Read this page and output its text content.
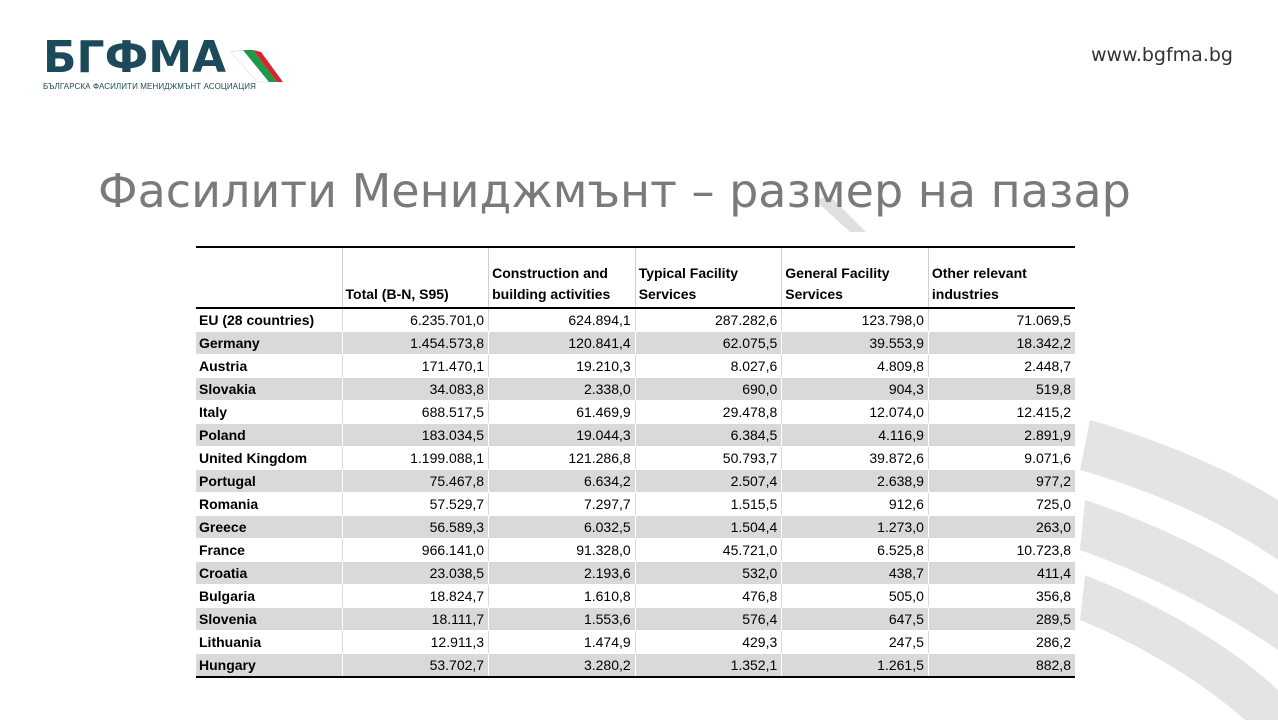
БГФМА
БЪЛГАРСКА ФАСИЛИТИ МЕНИДЖМЪНТ АСОЦИАЦИЯ
www.bgfma.bg
Фасилити Мениджмънт – размер на пазар
	Total (B-N, S95)	Construction and building activities	Typical Facility Services	General Facility Services	Other relevant industries
EU (28 countries)	6.235.701,0	624.894,1	287.282,6	123.798,0	71.069,5
Germany	1.454.573,8	120.841,4	62.075,5	39.553,9	18.342,2
Austria	171.470,1	19.210,3	8.027,6	4.809,8	2.448,7
Slovakia	34.083,8	2.338,0	690,0	904,3	519,8
Italy	688.517,5	61.469,9	29.478,8	12.074,0	12.415,2
Poland	183.034,5	19.044,3	6.384,5	4.116,9	2.891,9
United Kingdom	1.199.088,1	121.286,8	50.793,7	39.872,6	9.071,6
Portugal	75.467,8	6.634,2	2.507,4	2.638,9	977,2
Romania	57.529,7	7.297,7	1.515,5	912,6	725,0
Greece	56.589,3	6.032,5	1.504,4	1.273,0	263,0
France	966.141,0	91.328,0	45.721,0	6.525,8	10.723,8
Croatia	23.038,5	2.193,6	532,0	438,7	411,4
Bulgaria	18.824,7	1.610,8	476,8	505,0	356,8
Slovenia	18.111,7	1.553,6	576,4	647,5	289,5
Lithuania	12.911,3	1.474,9	429,3	247,5	286,2
Hungary	53.702,7	3.280,2	1.352,1	1.261,5	882,8
